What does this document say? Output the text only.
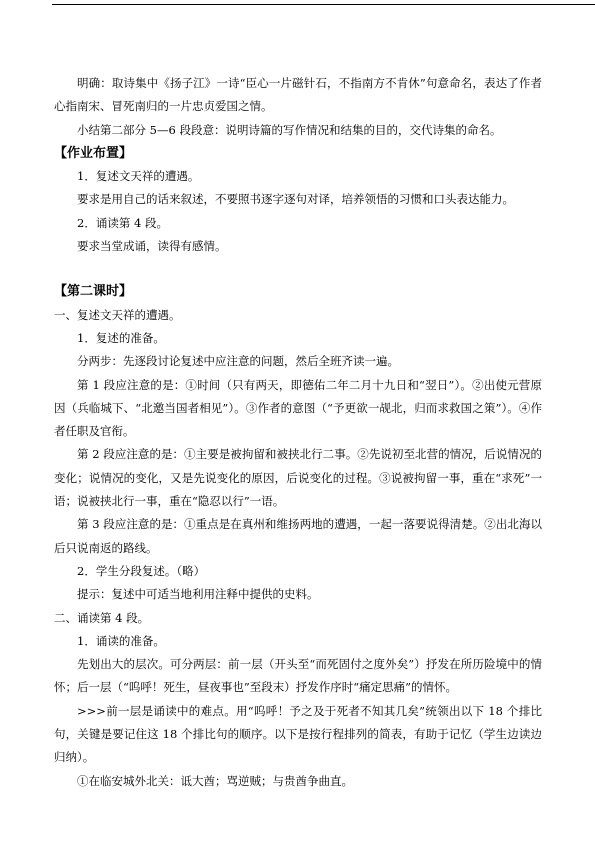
明确：取诗集中《扬子江》一诗“臣心一片磁针石，不指南方不肯休”句意命名，表达了作者心指南宋、冒死南归的一片忠贞爱国之情。

小结第二部分 5—6 段段意：说明诗篇的写作情况和结集的目的，交代诗集的命名。

【作业布置】

1．复述文天祥的遭遇。

要求是用自己的话来叙述，不要照书逐字逐句对译，培养领悟的习惯和口头表达能力。

2．诵读第 4 段。

要求当堂成诵，读得有感情。

【第二课时】

一、复述文天祥的遭遇。

1．复述的准备。

分两步：先逐段讨论复述中应注意的问题，然后全班齐读一遍。

第 1 段应注意的是：①时间（只有两天，即德佑二年二月十九日和“翌日”）。②出使元营原因（兵临城下、“北邀当国者相见”）。③作者的意图（“予更欲一觇北，归而求救国之策”）。④作者任职及官衔。

第 2 段应注意的是：①主要是被拘留和被挟北行二事。②先说初至北营的情况，后说情况的变化；说情况的变化，又是先说变化的原因，后说变化的过程。③说被拘留一事，重在“求死”一语；说被挟北行一事，重在“隐忍以行”一语。

第 3 段应注意的是：①重点是在真州和维扬两地的遭遇，一起一落要说得清楚。②出北海以后只说南返的路线。

2．学生分段复述。（略）

提示：复述中可适当地利用注释中提供的史料。

二、诵读第 4 段。

1．诵读的准备。

先划出大的层次。可分两层：前一层（开头至“而死固付之度外矣”）抒发在所历险境中的情怀；后一层（“呜呼！死生，昼夜事也”至段末）抒发作序时“痛定思痛”的情怀。

>>>前一层是诵读中的难点。用“呜呼！予之及于死者不知其几矣”统领出以下 18 个排比句，关键是要记住这 18 个排比句的顺序。以下是按行程排列的简表，有助于记忆（学生边读边归纳）。

①在临安城外北关：诋大酋；骂逆贼；与贵酋争曲直。
